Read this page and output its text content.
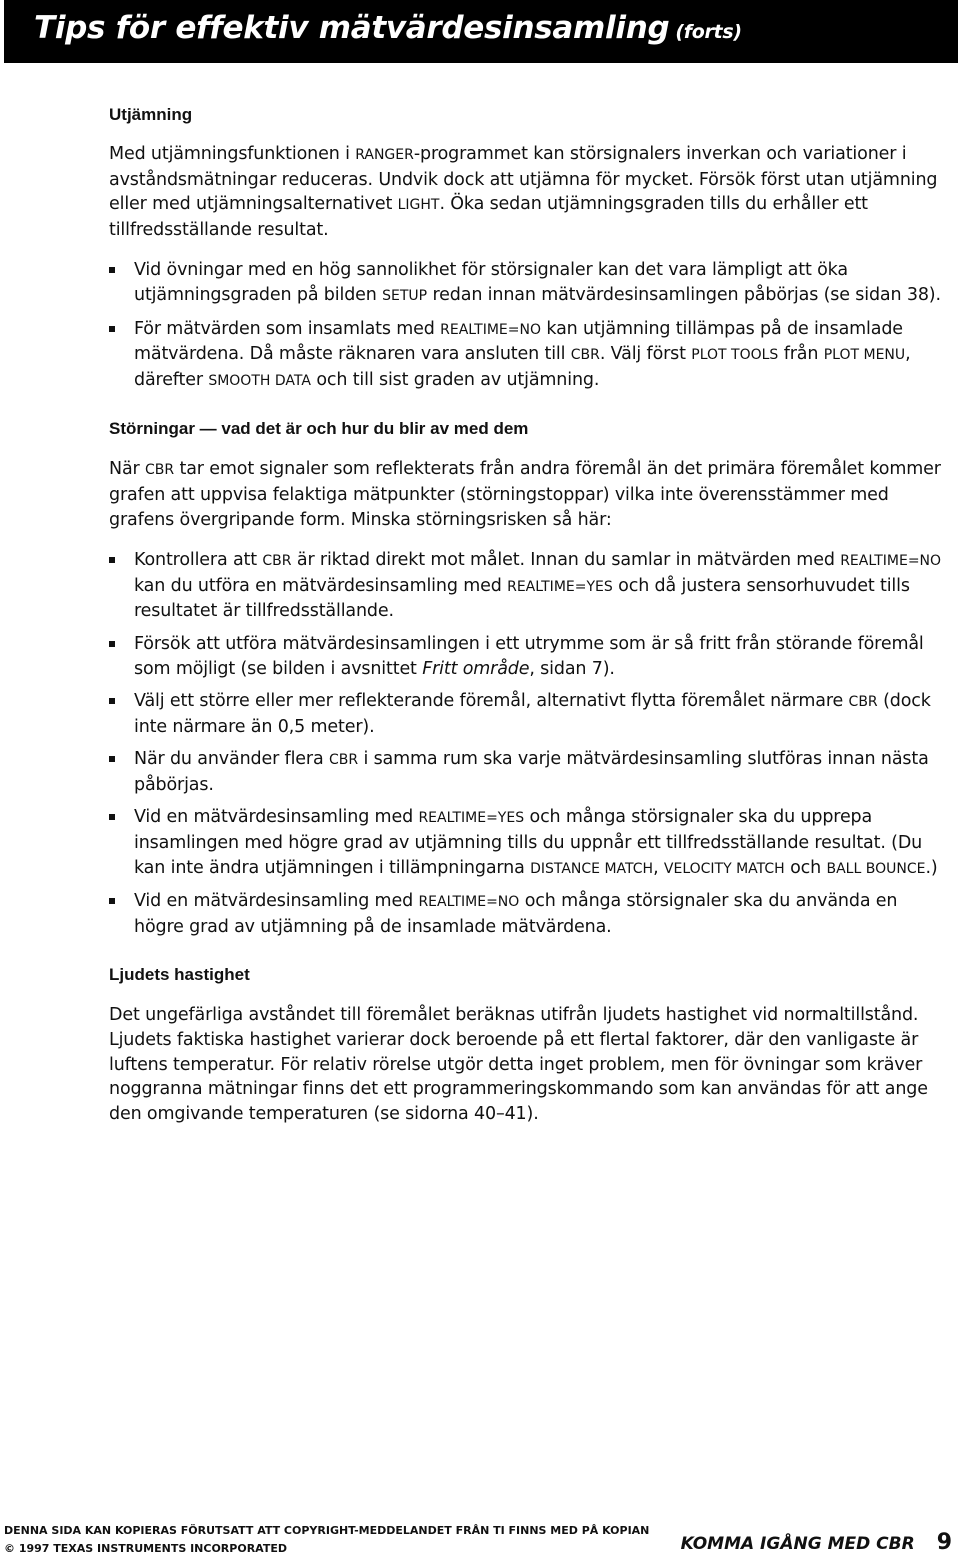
Tips för effektiv mätvärdesinsamling (forts)
Utjämning

Med utjämningsfunktionen i RANGER-programmet kan störsignalers inverkan och variationer i avståndsmätningar reduceras. Undvik dock att utjämna för mycket. Försök först utan utjämning eller med utjämningsalternativet LIGHT. Öka sedan utjämningsgraden tills du erhåller ett tillfredsställande resultat.

Vid övningar med en hög sannolikhet för störsignaler kan det vara lämpligt att öka utjämningsgraden på bilden SETUP redan innan mätvärdesinsamlingen påbörjas (se sidan 38).
För mätvärden som insamlats med REALTIME=NO kan utjämning tillämpas på de insamlade mätvärdena. Då måste räknaren vara ansluten till CBR. Välj först PLOT TOOLS från PLOT MENU, därefter SMOOTH DATA och till sist graden av utjämning.
Störningar — vad det är och hur du blir av med dem

När CBR tar emot signaler som reflekterats från andra föremål än det primära föremålet kommer grafen att uppvisa felaktiga mätpunkter (störningstoppar) vilka inte överensstämmer med grafens övergripande form. Minska störningsrisken så här:

Kontrollera att CBR är riktad direkt mot målet. Innan du samlar in mätvärden med REALTIME=NO kan du utföra en mätvärdesinsamling med REALTIME=YES och då justera sensorhuvudet tills resultatet är tillfredsställande.
Försök att utföra mätvärdesinsamlingen i ett utrymme som är så fritt från störande föremål som möjligt (se bilden i avsnittet Fritt område, sidan 7).
Välj ett större eller mer reflekterande föremål, alternativt flytta föremålet närmare CBR (dock inte närmare än 0,5 meter).
När du använder flera CBR i samma rum ska varje mätvärdesinsamling slutföras innan nästa påbörjas.
Vid en mätvärdesinsamling med REALTIME=YES och många störsignaler ska du upprepa insamlingen med högre grad av utjämning tills du uppnår ett tillfredsställande resultat. (Du kan inte ändra utjämningen i tillämpningarna DISTANCE MATCH, VELOCITY MATCH och BALL BOUNCE.)
Vid en mätvärdesinsamling med REALTIME=NO och många störsignaler ska du använda en högre grad av utjämning på de insamlade mätvärdena.
Ljudets hastighet

Det ungefärliga avståndet till föremålet beräknas utifrån ljudets hastighet vid normaltillstånd. Ljudets faktiska hastighet varierar dock beroende på ett flertal faktorer, där den vanligaste är luftens temperatur. För relativ rörelse utgör detta inget problem, men för övningar som kräver noggranna mätningar finns det ett programmeringskommando som kan användas för att ange den omgivande temperaturen (se sidorna 40–41).

DENNA SIDA KAN KOPIERAS FÖRUTSATT ATT COPYRIGHT-MEDDELANDET FRÅN TI FINNS MED PÅ KOPIAN
© 1997 TEXAS INSTRUMENTS INCORPORATED	KOMMA IGÅNG MED CBR 9
